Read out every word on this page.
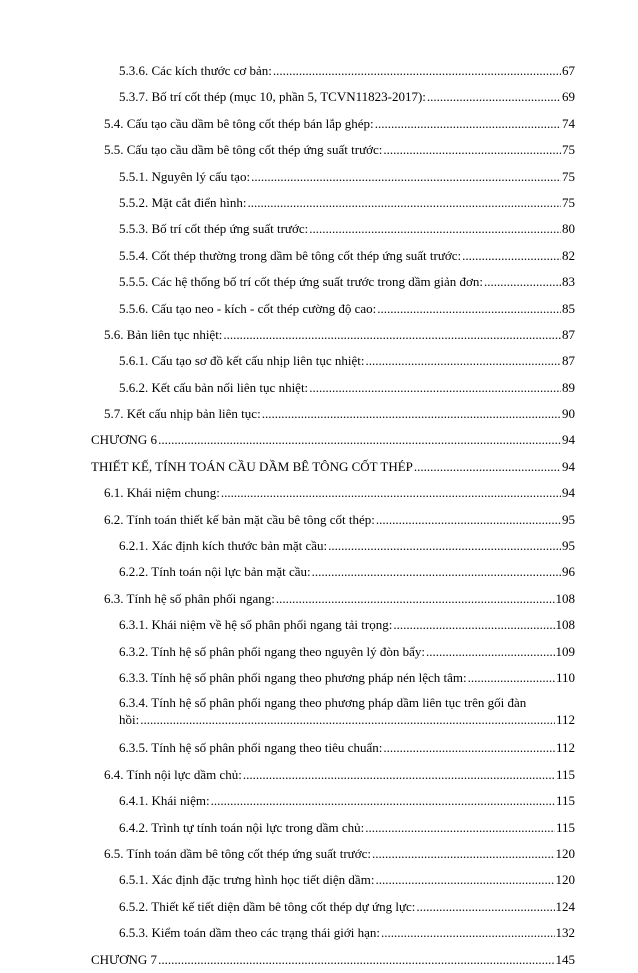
5.3.6. Các kích thước cơ bản: .....	67
5.3.7. Bố trí cốt thép (mục 10, phần 5, TCVN11823-2017): .....	69
5.4. Cấu tạo cầu dầm bê tông cốt thép bán lắp ghép: .....	74
5.5. Cấu tạo cầu dầm bê tông cốt thép ứng suất trước: .....	75
5.5.1. Nguyên lý cấu tạo: .....	75
5.5.2. Mặt cắt điển hình: .....	75
5.5.3. Bố trí cốt thép ứng suất trước: .....	80
5.5.4. Cốt thép thường trong dầm bê tông cốt thép ứng suất trước: .....	82
5.5.5. Các hệ thống bố trí cốt thép ứng suất trước trong dầm giản đơn: .....	83
5.5.6. Cấu tạo neo - kích - cốt thép cường độ cao: .....	85
5.6. Bản liên tục nhiệt: .....	87
5.6.1. Cấu tạo sơ đồ kết cấu nhịp liên tục nhiệt: .....	87
5.6.2. Kết cấu bản nối liên tục nhiệt: .....	89
5.7. Kết cấu nhịp bản liên tục: .....	90
CHƯƠNG 6 .....	94
THIẾT KẾ, TÍNH TOÁN CẦU DẦM BÊ TÔNG CỐT THÉP .....	94
6.1. Khái niệm chung: .....	94
6.2. Tính toán thiết kế bản mặt cầu bê tông cốt thép: .....	95
6.2.1. Xác định kích thước bản mặt cầu: .....	95
6.2.2. Tính toán nội lực bản mặt cầu: .....	96
6.3. Tính hệ số phân phối ngang: .....	108
6.3.1. Khái niệm về hệ số phân phối ngang tải trọng: .....	108
6.3.2. Tính hệ số phân phối ngang theo nguyên lý đòn bẩy: .....	109
6.3.3. Tính hệ số phân phối ngang theo phương pháp nén lệch tâm: .....	110
6.3.4. Tính hệ số phân phối ngang theo phương pháp dầm liên tục trên gối đàn
hồi: .....	112
6.3.5. Tính hệ số phân phối ngang theo tiêu chuẩn: .....	112
6.4. Tính nội lực dầm chủ: .....	115
6.4.1. Khái niệm: .....	115
6.4.2. Trình tự tính toán nội lực trong dầm chủ: .....	115
6.5. Tính toán dầm bê tông cốt thép ứng suất trước: .....	120
6.5.1. Xác định đặc trưng hình học tiết diện dầm: .....	120
6.5.2. Thiết kế tiết diện dầm bê tông cốt thép dự ứng lực: .....	124
6.5.3. Kiểm toán dầm theo các trạng thái giới hạn: .....	132
CHƯƠNG 7 .....	145
